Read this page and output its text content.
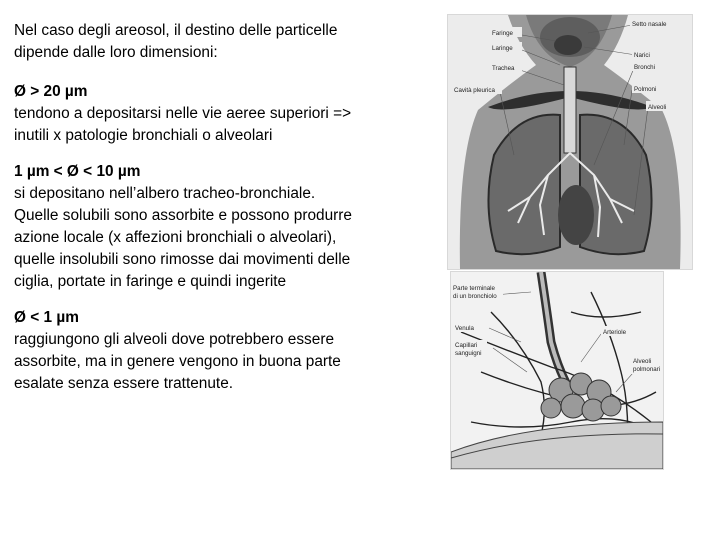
Nel caso degli areosol, il destino delle particelle
dipende dalle loro dimensioni:

Ø > 20 µm
tendono a depositarsi nelle vie aeree superiori =>
inutili x patologie bronchiali o alveolari

1 µm < Ø < 10 µm
si depositano nell’albero tracheo-bronchiale.
Quelle solubili sono assorbite e possono produrre
azione locale (x affezioni bronchiali o alveolari),
quelle insolubili sono rimosse dai movimenti delle
ciglia, portate in faringe e quindi ingerite

Ø < 1 µm
raggiungono gli alveoli dove potrebbero essere
assorbite, ma in genere vengono in buona parte
esalate senza essere trattenute.

Faringe
Laringe
Trachea
Cavità pleurica
Setto nasale
Narici
Bronchi
Polmoni
Alveoli
Parte terminale
di un bronchiolo
Venula
Capillari
sanguigni
Arteriole
Alveoli
polmonari
